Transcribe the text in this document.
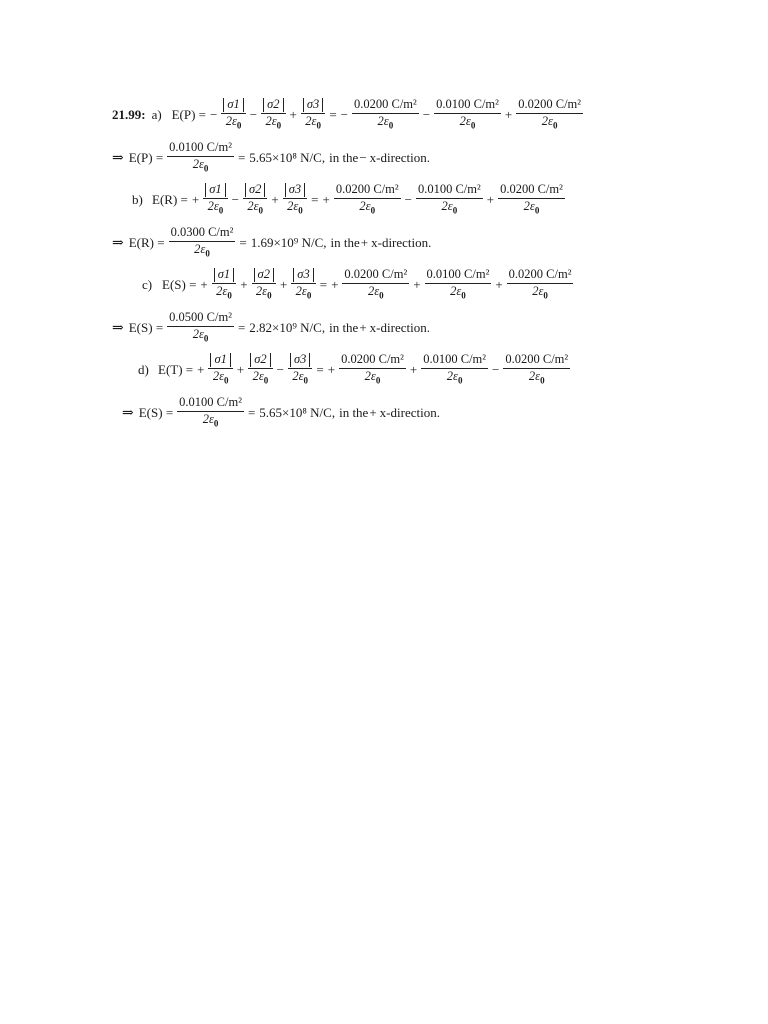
21.99: a) E(P) = − $\frac{\sigma 1}{2\varepsilon_0} - \frac{\sigma 2}{2\varepsilon_0} + \frac{\sigma 3}{2\varepsilon_0}$ = − $\frac{\text{0.0200 C/m²}}{2\varepsilon_0} - \frac{\text{0.0100 C/m²}}{2\varepsilon_0} + \frac{\text{0.0200 C/m²}}{2\varepsilon_0}$
⇒ $E(P) = \frac{\text{0.0100 C/m²}}{2\varepsilon_0} = 5.65\times 10^8$ N/C, in the − x-direction.
b) E(R) = + $\frac{\sigma 1}{2\varepsilon_0} - \frac{\sigma 2}{2\varepsilon_0} + \frac{\sigma 3}{2\varepsilon_0}$ = + $\frac{\text{0.0200 C/m²}}{2\varepsilon_0} - \frac{\text{0.0100 C/m²}}{2\varepsilon_0} + \frac{\text{0.0200 C/m²}}{2\varepsilon_0}$
⇒ $E(R) = \frac{\text{0.0300 C/m²}}{2\varepsilon_0} = 1.69\times 10^9$ N/C, in the + x-direction.
c) E(S) = + $\frac{\sigma 1}{2\varepsilon_0} + \frac{\sigma 2}{2\varepsilon_0} + \frac{\sigma 3}{2\varepsilon_0}$ = + $\frac{\text{0.0200 C/m²}}{2\varepsilon_0} + \frac{\text{0.0100 C/m²}}{2\varepsilon_0} + \frac{\text{0.0200 C/m²}}{2\varepsilon_0}$
⇒ $E(S) = \frac{\text{0.0500 C/m²}}{2\varepsilon_0} = 2.82\times 10^9$ N/C, in the + x-direction.
d) E(T) = + $\frac{\sigma 1}{2\varepsilon_0} + \frac{\sigma 2}{2\varepsilon_0} - \frac{\sigma 3}{2\varepsilon_0}$ = + $\frac{\text{0.0200 C/m²}}{2\varepsilon_0} + \frac{\text{0.0100 C/m²}}{2\varepsilon_0} - \frac{\text{0.0200 C/m²}}{2\varepsilon_0}$
⇒ $E(S) = \frac{\text{0.0100 C/m²}}{2\varepsilon_0} = 5.65\times 10^8$ N/C, in the + x-direction.
